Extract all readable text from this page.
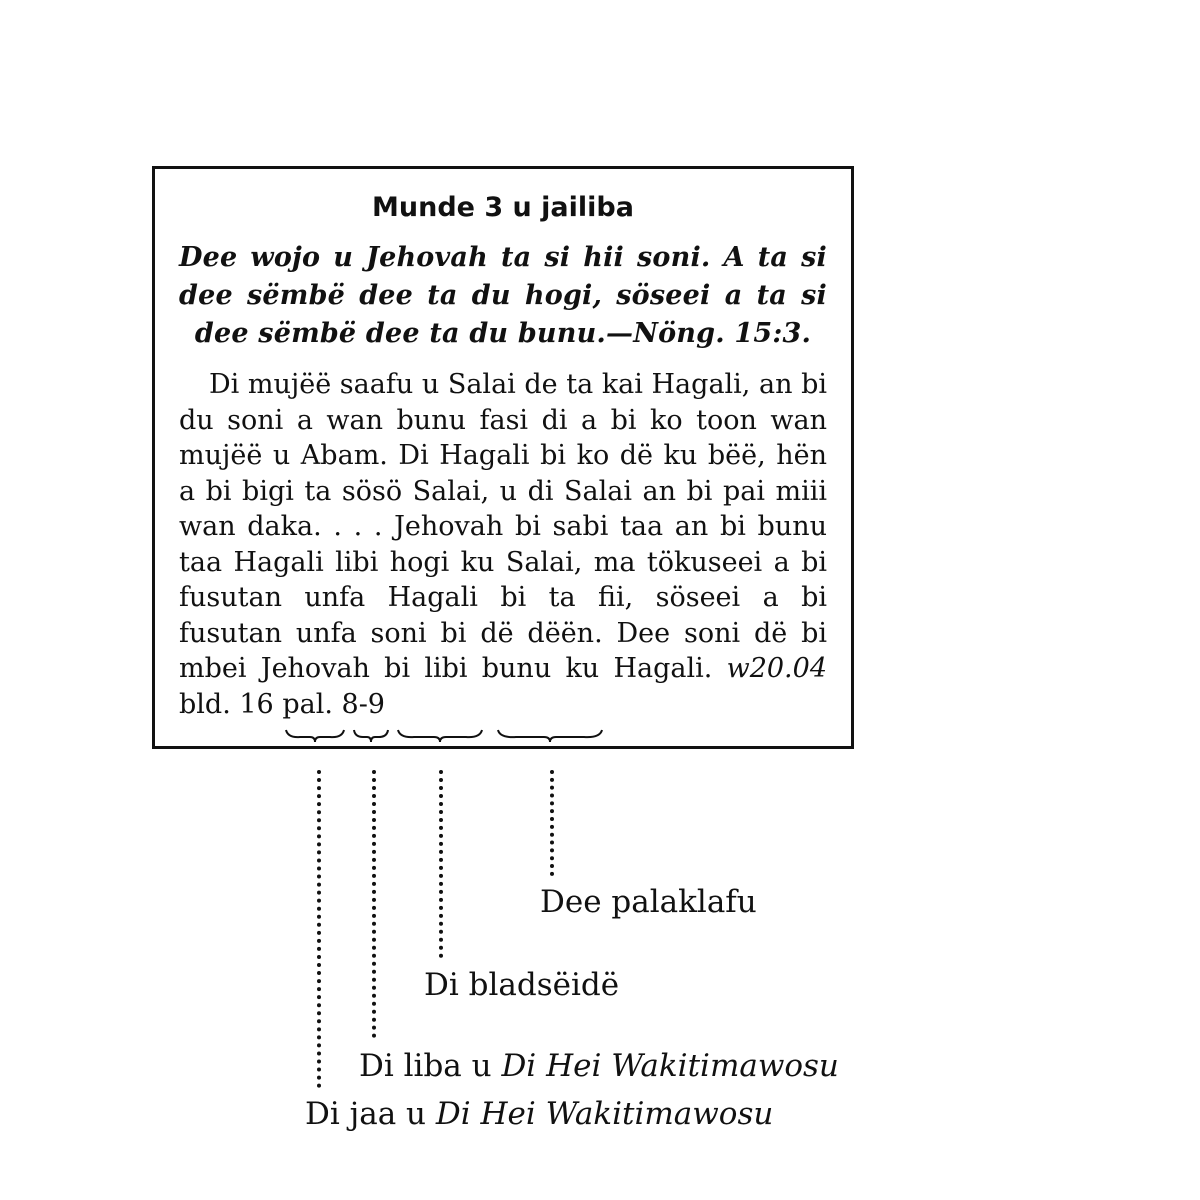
Munde 3 u jailiba

Dee wojo u Jehovah ta si hii soni. A ta si dee sëmbë dee ta du hogi, söseei a ta si dee sëmbë dee ta du bunu.—Nöng. 15:3.

Di mujëë saafu u Salai de ta kai Hagali, an bi du soni a wan bunu fasi di a bi ko toon wan mujëë u Abam. Di Hagali bi ko dë ku bëë, hën a bi bigi ta sösö Salai, u di Salai an bi pai miii wan daka. . . . Jehovah bi sabi taa an bi bunu taa Hagali libi hogi ku Salai, ma tökuseei a bi fusutan unfa Hagali bi ta fii, söseei a bi fusutan unfa soni bi dë dëën. Dee soni dë bi mbei Jehovah bi libi bunu ku Hagali. w20.04 bld. 16 pal. 8-9

Dee palaklafu
Di bladsëidë
Di liba u Di Hei Wakitimawosu
Di jaa u Di Hei Wakitimawosu
